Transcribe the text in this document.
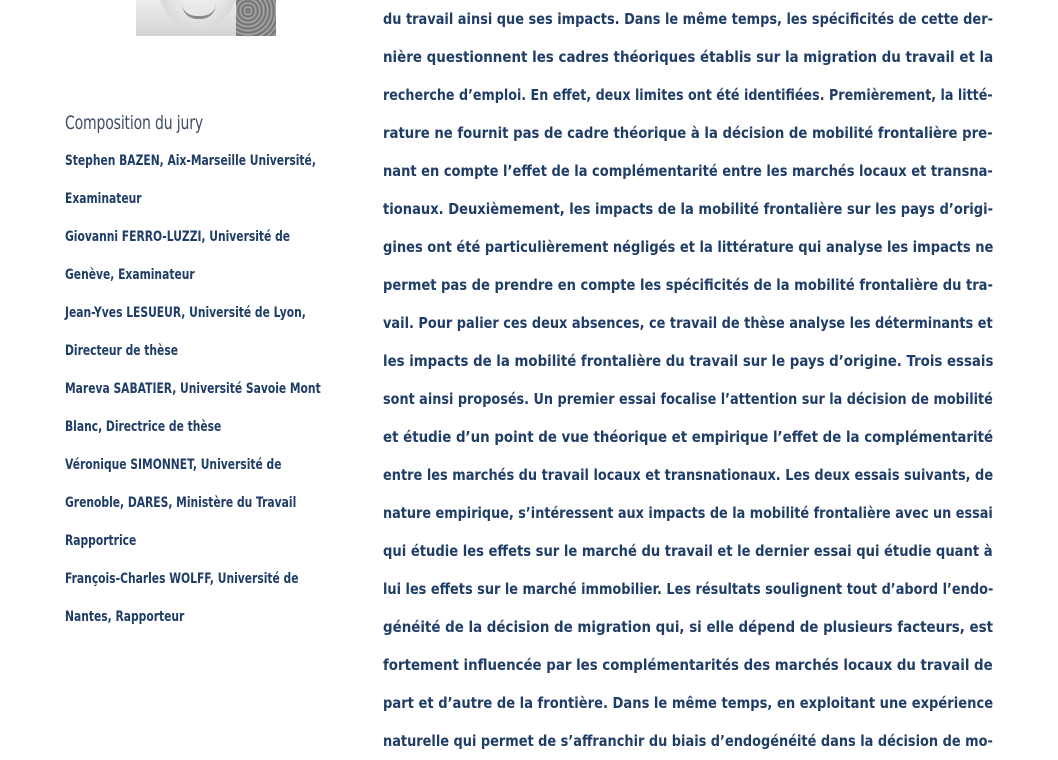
Composition du jury
Stephen BAZEN, Aix-Marseille Université,
Examinateur
Giovanni FERRO-LUZZI, Université de
Genève, Examinateur
Jean-Yves LESUEUR, Université de Lyon,
Directeur de thèse
Mareva SABATIER, Université Savoie Mont
Blanc, Directrice de thèse
Véronique SIMONNET, Université de
Grenoble, DARES, Ministère du Travail
Rapportrice
François-Charles WOLFF, Université de
Nantes, Rapporteur
du travail ainsi que ses impacts. Dans le même temps, les spécificités de cette der-
nière questionnent les cadres théoriques établis sur la migration du travail et la
recherche d’emploi. En effet, deux limites ont été identifiées. Premièrement, la litté-
rature ne fournit pas de cadre théorique à la décision de mobilité frontalière pre-
nant en compte l’effet de la complémentarité entre les marchés locaux et transna-
tionaux. Deuxièmement, les impacts de la mobilité frontalière sur les pays d’origi-
gines ont été particulièrement négligés et la littérature qui analyse les impacts ne
permet pas de prendre en compte les spécificités de la mobilité frontalière du tra-
vail. Pour palier ces deux absences, ce travail de thèse analyse les déterminants et
les impacts de la mobilité frontalière du travail sur le pays d’origine. Trois essais
sont ainsi proposés. Un premier essai focalise l’attention sur la décision de mobilité
et étudie d’un point de vue théorique et empirique l’effet de la complémentarité
entre les marchés du travail locaux et transnationaux. Les deux essais suivants, de
nature empirique, s’intéressent aux impacts de la mobilité frontalière avec un essai
qui étudie les effets sur le marché du travail et le dernier essai qui étudie quant à
lui les effets sur le marché immobilier. Les résultats soulignent tout d’abord l’endo-
généité de la décision de migration qui, si elle dépend de plusieurs facteurs, est
fortement influencée par les complémentarités des marchés locaux du travail de
part et d’autre de la frontière. Dans le même temps, en exploitant une expérience
naturelle qui permet de s’affranchir du biais d’endogénéité dans la décision de mo-
